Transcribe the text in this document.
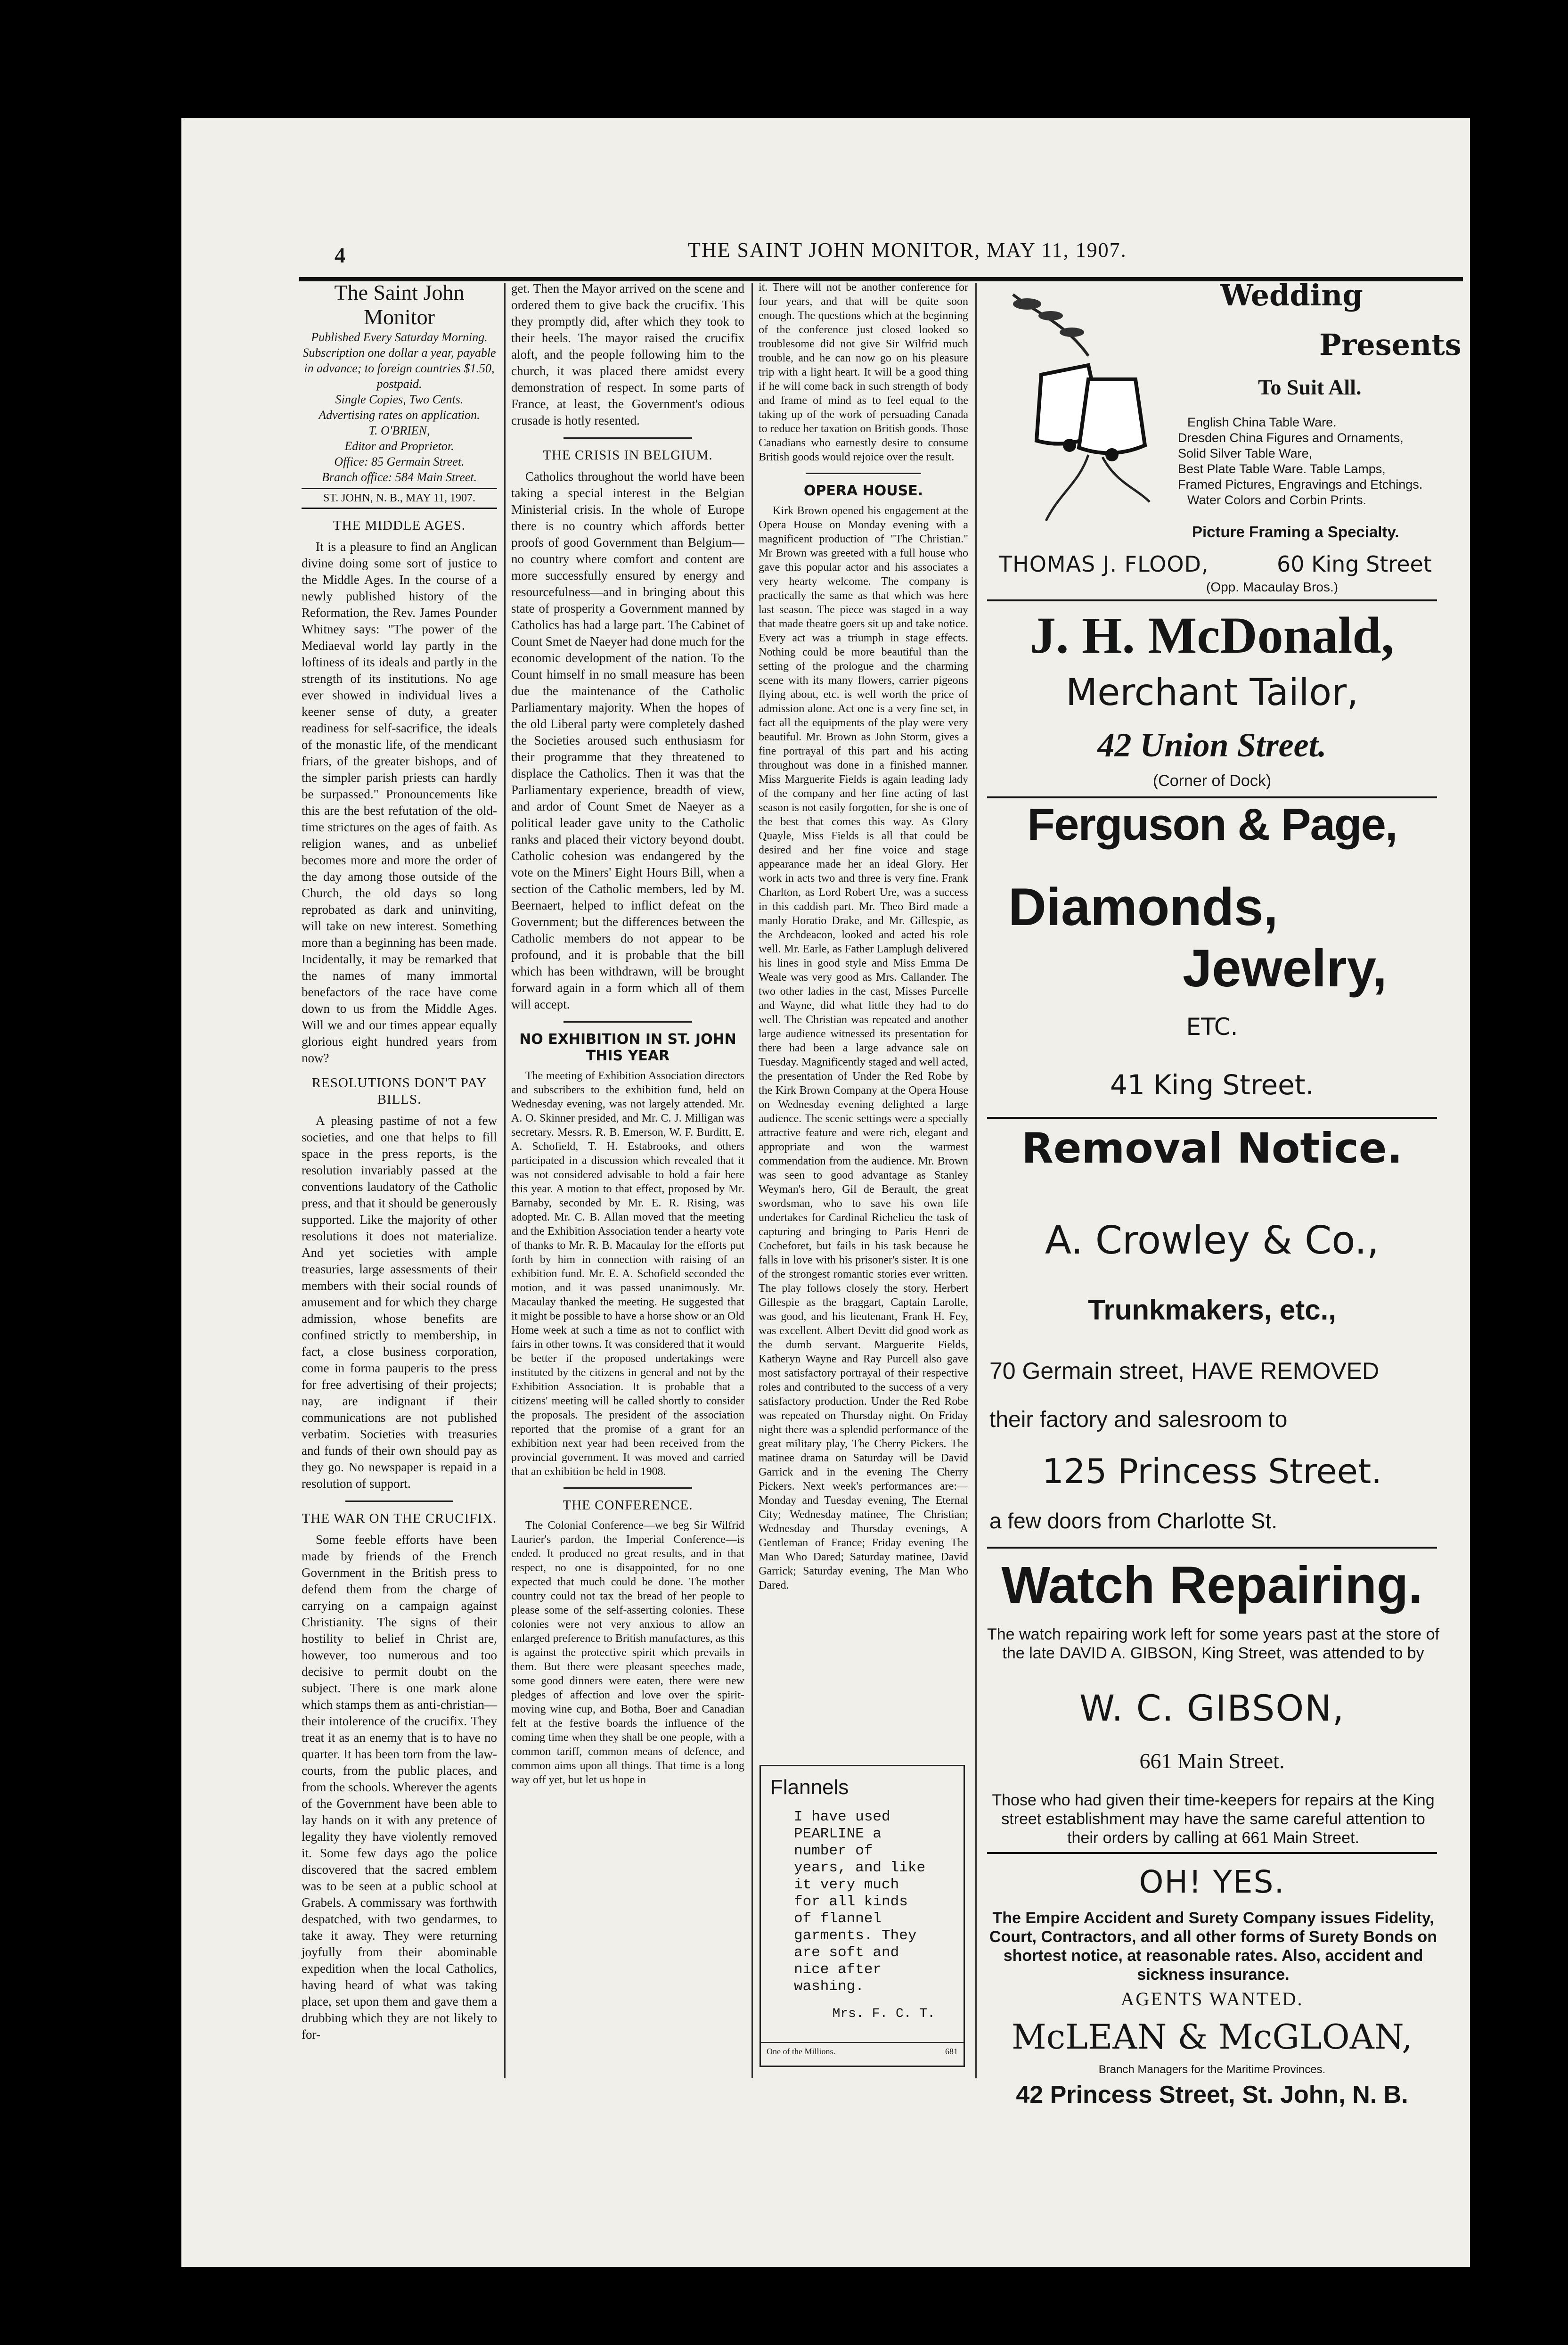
4	THE SAINT JOHN MONITOR, MAY 11, 1907.
The Saint John Monitor
Published Every Saturday Morning.
Subscription one dollar a year, payable in advance; to foreign countries $1.50, postpaid.
Single Copies, Two Cents.
Advertising rates on application.
T. O'BRIEN,
Editor and Proprietor.
Office: 85 Germain Street.
Branch office: 584 Main Street.
ST. JOHN, N. B., MAY 11, 1907.
THE MIDDLE AGES.

It is a pleasure to find an Anglican divine doing some sort of justice to the Middle Ages. In the course of a newly published history of the Reformation, the Rev. James Pounder Whitney says: "The power of the Mediaeval world lay partly in the loftiness of its ideals and partly in the strength of its institutions. No age ever showed in individual lives a keener sense of duty, a greater readiness for self-sacrifice, the ideals of the monastic life, of the mendicant friars, of the greater bishops, and of the simpler parish priests can hardly be surpassed." Pronouncements like this are the best refutation of the old-time strictures on the ages of faith. As religion wanes, and as unbelief becomes more and more the order of the day among those outside of the Church, the old days so long reprobated as dark and uninviting, will take on new interest. Something more than a beginning has been made. Incidentally, it may be remarked that the names of many immortal benefactors of the race have come down to us from the Middle Ages. Will we and our times appear equally glorious eight hundred years from now?

RESOLUTIONS DON'T PAY BILLS.

A pleasing pastime of not a few societies, and one that helps to fill space in the press reports, is the resolution invariably passed at the conventions laudatory of the Catholic press, and that it should be generously supported. Like the majority of other resolutions it does not materialize. And yet societies with ample treasuries, large assessments of their members with their social rounds of amusement and for which they charge admission, whose benefits are confined strictly to membership, in fact, a close business corporation, come in forma pauperis to the press for free advertising of their projects; nay, are indignant if their communications are not published verbatim. Societies with treasuries and funds of their own should pay as they go. No newspaper is repaid in a resolution of support.

THE WAR ON THE CRUCIFIX.

Some feeble efforts have been made by friends of the French Government in the British press to defend them from the charge of carrying on a campaign against Christianity. The signs of their hostility to belief in Christ are, however, too numerous and too decisive to permit doubt on the subject. There is one mark alone which stamps them as anti-christian—their intolerence of the crucifix. They treat it as an enemy that is to have no quarter. It has been torn from the law-courts, from the public places, and from the schools. Wherever the agents of the Government have been able to lay hands on it with any pretence of legality they have violently removed it. Some few days ago the police discovered that the sacred emblem was to be seen at a public school at Grabels. A commissary was forthwith despatched, with two gendarmes, to take it away. They were returning joyfully from their abominable expedition when the local Catholics, having heard of what was taking place, set upon them and gave them a drubbing which they are not likely to for-

get. Then the Mayor arrived on the scene and ordered them to give back the crucifix. This they promptly did, after which they took to their heels. The mayor raised the crucifix aloft, and the people following him to the church, it was placed there amidst every demonstration of respect. In some parts of France, at least, the Government's odious crusade is hotly resented.

THE CRISIS IN BELGIUM.

Catholics throughout the world have been taking a special interest in the Belgian Ministerial crisis. In the whole of Europe there is no country which affords better proofs of good Government than Belgium—no country where comfort and content are more successfully ensured by energy and resourcefulness—and in bringing about this state of prosperity a Government manned by Catholics has had a large part. The Cabinet of Count Smet de Naeyer had done much for the economic development of the nation. To the Count himself in no small measure has been due the maintenance of the Catholic Parliamentary majority. When the hopes of the old Liberal party were completely dashed the Societies aroused such enthusiasm for their programme that they threatened to displace the Catholics. Then it was that the Parliamentary experience, breadth of view, and ardor of Count Smet de Naeyer as a political leader gave unity to the Catholic ranks and placed their victory beyond doubt. Catholic cohesion was endangered by the vote on the Miners' Eight Hours Bill, when a section of the Catholic members, led by M. Beernaert, helped to inflict defeat on the Government; but the differences between the Catholic members do not appear to be profound, and it is probable that the bill which has been withdrawn, will be brought forward again in a form which all of them will accept.

NO EXHIBITION IN ST. JOHN THIS YEAR

The meeting of Exhibition Association directors and subscribers to the exhibition fund, held on Wednesday evening, was not largely attended. Mr. A. O. Skinner presided, and Mr. C. J. Milligan was secretary. Messrs. R. B. Emerson, W. F. Burditt, E. A. Schofield, T. H. Estabrooks, and others participated in a discussion which revealed that it was not considered advisable to hold a fair here this year. A motion to that effect, proposed by Mr. Barnaby, seconded by Mr. E. R. Rising, was adopted. Mr. C. B. Allan moved that the meeting and the Exhibition Association tender a hearty vote of thanks to Mr. R. B. Macaulay for the efforts put forth by him in connection with raising of an exhibition fund. Mr. E. A. Schofield seconded the motion, and it was passed unanimously. Mr. Macaulay thanked the meeting. He suggested that it might be possible to have a horse show or an Old Home week at such a time as not to conflict with fairs in other towns. It was considered that it would be better if the proposed undertakings were instituted by the citizens in general and not by the Exhibition Association. It is probable that a citizens' meeting will be called shortly to consider the proposals. The president of the association reported that the promise of a grant for an exhibition next year had been received from the provincial government. It was moved and carried that an exhibition be held in 1908.

THE CONFERENCE.

The Colonial Conference—we beg Sir Wilfrid Laurier's pardon, the Imperial Conference—is ended. It produced no great results, and in that respect, no one is disappointed, for no one expected that much could be done. The mother country could not tax the bread of her people to please some of the self-asserting colonies. These colonies were not very anxious to allow an enlarged preference to British manufactures, as this is against the protective spirit which prevails in them. But there were pleasant speeches made, some good dinners were eaten, there were new pledges of affection and love over the spirit-moving wine cup, and Botha, Boer and Canadian felt at the festive boards the influence of the coming time when they shall be one people, with a common tariff, common means of defence, and common aims upon all things. That time is a long way off yet, but let us hope in

it. There will not be another conference for four years, and that will be quite soon enough. The questions which at the beginning of the conference just closed looked so troublesome did not give Sir Wilfrid much trouble, and he can now go on his pleasure trip with a light heart. It will be a good thing if he will come back in such strength of body and frame of mind as to feel equal to the taking up of the work of persuading Canada to reduce her taxation on British goods. Those Canadians who earnestly desire to consume British goods would rejoice over the result.

OPERA HOUSE.

Kirk Brown opened his engagement at the Opera House on Monday evening with a magnificent production of "The Christian." Mr Brown was greeted with a full house who gave this popular actor and his associates a very hearty welcome. The company is practically the same as that which was here last season. The piece was staged in a way that made theatre goers sit up and take notice. Every act was a triumph in stage effects. Nothing could be more beautiful than the setting of the prologue and the charming scene with its many flowers, carrier pigeons flying about, etc. is well worth the price of admission alone. Act one is a very fine set, in fact all the equipments of the play were very beautiful. Mr. Brown as John Storm, gives a fine portrayal of this part and his acting throughout was done in a finished manner. Miss Marguerite Fields is again leading lady of the company and her fine acting of last season is not easily forgotten, for she is one of the best that comes this way. As Glory Quayle, Miss Fields is all that could be desired and her fine voice and stage appearance made her an ideal Glory. Her work in acts two and three is very fine. Frank Charlton, as Lord Robert Ure, was a success in this caddish part. Mr. Theo Bird made a manly Horatio Drake, and Mr. Gillespie, as the Archdeacon, looked and acted his role well. Mr. Earle, as Father Lamplugh delivered his lines in good style and Miss Emma De Weale was very good as Mrs. Callander. The two other ladies in the cast, Misses Purcelle and Wayne, did what little they had to do well. The Christian was repeated and another large audience witnessed its presentation for there had been a large advance sale on Tuesday. Magnificently staged and well acted, the presentation of Under the Red Robe by the Kirk Brown Company at the Opera House on Wednesday evening delighted a large audience. The scenic settings were a specially attractive feature and were rich, elegant and appropriate and won the warmest commendation from the audience. Mr. Brown was seen to good advantage as Stanley Weyman's hero, Gil de Berault, the great swordsman, who to save his own life undertakes for Cardinal Richelieu the task of capturing and bringing to Paris Henri de Cocheforet, but fails in his task because he falls in love with his prisoner's sister. It is one of the strongest romantic stories ever written. The play follows closely the story. Herbert Gillespie as the braggart, Captain Larolle, was good, and his lieutenant, Frank H. Fey, was excellent. Albert Devitt did good work as the dumb servant. Marguerite Fields, Katheryn Wayne and Ray Purcell also gave most satisfactory portrayal of their respective roles and contributed to the success of a very satisfactory production. Under the Red Robe was repeated on Thursday night. On Friday night there was a splendid performance of the great military play, The Cherry Pickers. The matinee drama on Saturday will be David Garrick and in the evening The Cherry Pickers. Next week's performances are:—Monday and Tuesday evening, The Eternal City; Wednesday matinee, The Christian; Wednesday and Thursday evenings, A Gentleman of France; Friday evening The Man Who Dared; Saturday matinee, David Garrick; Saturday evening, The Man Who Dared.

Flannels
I have used PEARLINE a number of years, and like it very much for all kinds of flannel garments. They are soft and nice after washing.
Mrs. F. C. T.
One of the Millions.	681
Wedding
Presents
To Suit All.
English China Table Ware.
Dresden China Figures and Ornaments,
Solid Silver Table Ware,
Best Plate Table Ware. Table Lamps,
Framed Pictures, Engravings and Etchings.
Water Colors and Corbin Prints.
Picture Framing a Specialty.
THOMAS J. FLOOD,	60 King Street
(Opp. Macaulay Bros.)
J. H. McDonald,
Merchant Tailor,
42 Union Street.
(Corner of Dock)
Ferguson & Page,
Diamonds,
Jewelry,
ETC.
41 King Street.
Removal Notice.
A. Crowley & Co.,
Trunkmakers, etc.,
70 Germain street, HAVE REMOVED
their factory and salesroom to
125 Princess Street.
a few doors from Charlotte St.
Watch Repairing.
The watch repairing work left for some years past at the store of the late DAVID A. GIBSON, King Street, was attended to by
W. C. GIBSON,
661 Main Street.
Those who had given their time-keepers for repairs at the King street establishment may have the same careful attention to their orders by calling at 661 Main Street.
OH! YES.
The Empire Accident and Surety Company issues Fidelity, Court, Contractors, and all other forms of Surety Bonds on shortest notice, at reasonable rates. Also, accident and sickness insurance.
AGENTS WANTED.
McLEAN & McGLOAN,
Branch Managers for the Maritime Provinces.
42 Princess Street, St. John, N. B.
